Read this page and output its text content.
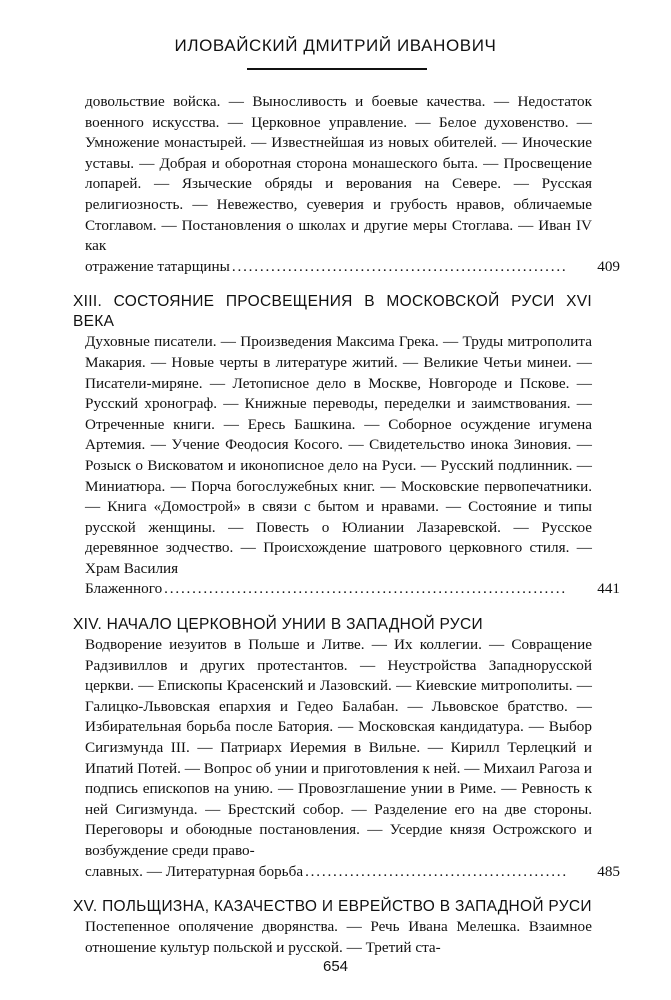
ИЛОВАЙСКИЙ ДМИТРИЙ ИВАНОВИЧ
довольствие войска. — Выносливость и боевые качества. — Недостаток военного искусства. — Церковное управление. — Белое духовенство. — Умножение монастырей. — Известнейшая из новых обителей. — Иноческие уставы. — Добрая и оборотная сторона монашеского быта. — Просвещение лопарей. — Языческие обряды и верования на Севере. — Русская религиозность. — Невежество, суеверия и грубость нравов, обличаемые Стоглавом. — Постановления о школах и другие меры Стоглава. — Иван IV как
отражение татарщины . . .	409
XIII. СОСТОЯНИЕ ПРОСВЕЩЕНИЯ В МОСКОВСКОЙ РУСИ XVI ВЕКА
Духовные писатели. — Произведения Максима Грека. — Труды митрополита Макария. — Новые черты в литературе житий. — Великие Четьи минеи. — Писатели-миряне. — Летописное дело в Москве, Новгороде и Пскове. — Русский хронограф. — Книжные переводы, переделки и заимствования. — Отреченные книги. — Ересь Башкина. — Соборное осуждение игумена Артемия. — Учение Феодосия Косого. — Свидетельство инока Зиновия. — Розыск о Висковатом и иконописное дело на Руси. — Русский подлинник. — Миниатюра. — Порча богослужебных книг. — Московские первопечатники. — Книга «Домострой» в связи с бытом и нравами. — Состояние и типы русской женщины. — Повесть о Юлиании Лазаревской. — Русское деревянное зодчество. — Происхождение шатрового церковного стиля. — Храм Василия
Блаженного . . .	441
XIV. НАЧАЛО ЦЕРКОВНОЙ УНИИ В ЗАПАДНОЙ РУСИ
Водворение иезуитов в Польше и Литве. — Их коллегии. — Совращение Радзивиллов и других протестантов. — Неустройства Западнорусской церкви. — Епископы Красенский и Лазовский. — Киевские митрополиты. — Галицко-Львовская епархия и Гедео Балабан. — Львовское братство. — Избирательная борьба после Батория. — Московская кандидатура. — Выбор Сигизмунда III. — Патриарх Иеремия в Вильне. — Кирилл Терлецкий и Ипатий Потей. — Вопрос об унии и приготовления к ней. — Михаил Рагоза и подпись епископов на унию. — Провозглашение унии в Риме. — Ревность к ней Сигизмунда. — Брестский собор. — Разделение его на две стороны. Переговоры и обоюдные постановления. — Усердие князя Острожского и возбуждение среди право-
славных. — Литературная борьба . . .	485
XV. ПОЛЬЩИЗНА, КАЗАЧЕСТВО И ЕВРЕЙСТВО В ЗАПАДНОЙ РУСИ
Постепенное ополячение дворянства. — Речь Ивана Мелешка. Взаимное отношение культур польской и русской. — Третий ста-
654
